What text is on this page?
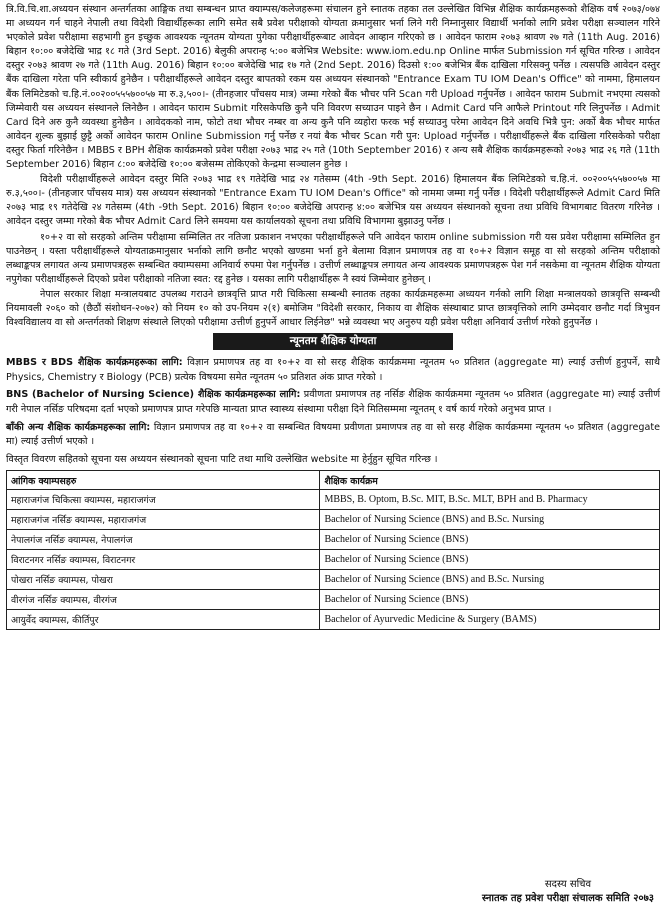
त्रि.वि.चि.शा.अध्ययन संस्थान अन्तर्गतका आङ्गिक तथा सम्बन्धन प्राप्त क्याम्पस/कलेजहरूमा संचालन हुने स्नातक तहका तल उल्लेखित विभिन्न शैक्षिक कार्यक्रमहरूको शैक्षिक वर्ष २०७३/०७४ मा अध्ययन गर्न चाहने नेपाली तथा विदेशी विद्यार्थीहरूका लागि समेत सबै प्रवेश परीक्षाको योग्यता क्रमानुसार भर्ना लिने गरी निम्नानुसार विद्यार्थी भर्नाको लागि प्रवेश परीक्षा सञ्चालन गरिने भएकोले प्रवेश परीक्षामा सहभागी हुन इच्छुक आवश्यक न्यूनतम योग्यता पुगेका परीक्षार्थीहरूबाट आवेदन आव्हान गरिएको छ । आवेदन फाराम २०७३ श्रावण २७ गते (11th Aug. 2016) बिहान १०:०० बजेदेखि भाद्र १८ गते (3rd Sept. 2016) बेलुकी अपरान्ह ५:०० बजेभित्र Website: www.iom.edu.np Online मार्फत Submission गर्न सूचित गरिन्छ । आवेदन दस्तुर २०७३ श्रावण २७ गते (11th Aug. 2016) बिहान १०:०० बजेदेखि भाद्र १७ गते (2nd Sept. 2016) दिउसो १:०० बजेभित्र बैंक दाखिला गरिसक्नु पर्नेछ । त्यसपछि आवेदन दस्तुर बैंक दाखिला गरेता पनि स्वीकार्य हुनेछैन । परीक्षार्थीहरूले आवेदन दस्तुर बापतको रकम यस अध्ययन संस्थानको "Entrance Exam TU IOM Dean's Office" को नाममा, हिमालयन बैंक लिमिटेडको च.हि.नं.००२००५५५७००५७ मा रु.३,५००।- (तीनहजार पाँचसय मात्र) जम्मा गरेको बैंक भौचर पनि Scan गरी Upload गर्नुपर्नेछ । आवेदन फाराम Submit नभएमा त्यसको जिम्मेवारी यस अध्ययन संस्थानले लिनेछैन । आवेदन फाराम Submit गरिसकेपछि कुनै पनि विवरण सच्याउन पाइने छैन । Admit Card पनि आफैले Printout गरि लिनुपर्नेछ । Admit Card दिने अरु कुनै व्यवस्था हुनेछैन । आवेदकको नाम, फोटो तथा भौचर नम्बर वा अन्य कुनै पनि व्यहोरा फरक भई सच्याउनु परेमा आवेदन दिने अवधि भित्रै पुन: अर्को बैक भौचर मार्फत आवेदन शुल्क बुझाई छुट्टै अर्को आवेदन फाराम Online Submission गर्नु पर्नेछ र नयां बैक भौचर Scan गरी पुन: Upload गर्नुपर्नेछ । परीक्षार्थीहरूले बैंक दाखिला गरिसकेको परीक्षा दस्तुर फिर्ता गरिनेछैन । MBBS र BPH शैक्षिक कार्यक्रमको प्रवेश परीक्षा २०७३ भाद्र २५ गते (10th September 2016) र अन्य सबै शैक्षिक कार्यक्रमहरूको २०७३ भाद्र २६ गते (11th September 2016) बिहान ८:०० बजेदेखि १०:०० बजेसम्म तोकिएको केन्द्रमा सञ्चालन हुनेछ ।

विदेशी परीक्षार्थीहरूले आवेदन दस्तुर मिति २०७३ भाद्र १९ गतेदेखि भाद्र २४ गतेसम्म (4th -9th Sept. 2016) हिमालयन बैंक लिमिटेडको च.हि.नं. ००२००५५५७००५७ मा रु.३,५००।- (तीनहजार पाँचसय मात्र) यस अध्ययन संस्थानको "Entrance Exam TU IOM Dean's Office" को नाममा जम्मा गर्नु पर्नेछ । विदेशी परीक्षार्थीहरूले Admit Card मिति २०७३ भाद्र १९ गतेदेखि २४ गतेसम्म (4th -9th Sept. 2016) बिहान १०:०० बजेदेखि अपरान्ह ४:०० बजेभित्र यस अध्ययन संस्थानको सूचना तथा प्रविधि विभागबाट वितरण गरिनेछ । आवेदन दस्तुर जम्मा गरेको बैक भौचर Admit Card लिने समयमा यस कार्यालयको सूचना तथा प्रविधि विभागमा बुझाउनु पर्नेछ ।

१०+२ वा सो सरहको अन्तिम परीक्षामा सम्मिलित तर नतिजा प्रकाशन नभएका परीक्षार्थीहरूले पनि आवेदन फाराम online submission गरी यस प्रवेश परीक्षामा सम्मिलित हुन पाउनेछन् । यस्ता परीक्षार्थीहरूले योग्यताक्रमानुसार भर्नाको लागि छनौट भएको खण्डमा भर्ना हुने बेलामा विज्ञान प्रमाणपत्र तह वा १०+२ विज्ञान समूह वा सो सरहको अन्तिम परीक्षाको लब्धाङ्कपत्र लगायत अन्य प्रमाणपत्रहरू सम्बन्धित क्याम्पसमा अनिवार्य रुपमा पेश गर्नुपर्नेछ । उत्तीर्ण लब्धाङ्कपत्र लगायत अन्य आवश्यक प्रमाणपत्रहरू पेश गर्न नसकेमा वा न्यूनतम शैक्षिक योग्यता नपुगेका परीक्षार्थीहरूले दिएको प्रवेश परीक्षाको नतिजा स्वत: रद्द हुनेछ । यसका लागि परीक्षार्थीहरू नै स्वयं जिम्मेवार हुनेछन् ।

नेपाल सरकार शिक्षा मन्त्रालयबाट उपलब्ध गराउने छात्रवृत्ति प्राप्त गरी चिकित्सा सम्बन्धी स्नातक तहका कार्यक्रमहरूमा अध्ययन गर्नको लागि शिक्षा मन्त्रालयको छात्रवृत्ति सम्बन्धी नियमावली २०६० को (छैठौं संशोधन-२०७२) को नियम १० को उप-नियम २(१) बमोजिम "विदेशी सरकार, निकाय वा शैक्षिक संस्थाबाट प्राप्त छात्रवृत्तिको लागि उम्मेदवार छनौट गर्दा त्रिभुवन विश्वविद्यालय वा सो अन्तर्गतको शिक्षण संस्थाले लिएको परीक्षामा उत्तीर्ण हुनुपर्ने आधार लिईनेछ" भन्ने व्यवस्था भए अनुरुप यही प्रवेश परीक्षा अनिवार्य उत्तीर्ण गरेको हुनुपर्नेछ ।

न्यूनतम शैक्षिक योग्यता

MBBS र BDS शैक्षिक कार्यक्रमहरूका लागि: विज्ञान प्रमाणपत्र तह वा १०+२ वा सो सरह शैक्षिक कार्यक्रममा न्यूनतम ५० प्रतिशत (aggregate मा) ल्याई उत्तीर्ण हुनुपर्ने, साथै Physics, Chemistry र Biology (PCB) प्रत्येक विषयमा समेत न्यूनतम ५० प्रतिशत अंक प्राप्त गरेको ।

BNS (Bachelor of Nursing Science) शैक्षिक कार्यक्रमहरूका लागि: प्रवीणता प्रमाणपत्र तह नर्सिङ शैक्षिक कार्यक्रममा न्यूनतम ५० प्रतिशत (aggregate मा) ल्याई उत्तीर्ण गरी नेपाल नर्सिङ परिषदमा दर्ता भएको प्रमाणपत्र प्राप्त गरेपछि मान्यता प्राप्त स्वास्थ्य संस्थामा परीक्षा दिने मितिसम्ममा न्यूनतम् १ वर्ष कार्य गरेको अनुभव प्राप्त ।

बाँकी अन्य शैक्षिक कार्यक्रमहरूका लागि: विज्ञान प्रमाणपत्र तह वा १०+२ वा सम्बन्धित विषयमा प्रवीणता प्रमाणपत्र तह वा सो सरह शैक्षिक कार्यक्रममा न्यूनतम ५० प्रतिशत (aggregate मा) ल्याई उत्तीर्ण भएको ।

विस्तृत विवरण सहितको सूचना यस अध्ययन संस्थानको सूचना पाटि तथा माथि उल्लेखित website मा हेर्नुहुन सूचित गरिन्छ ।

आंगिक क्याम्पसहरु	शैक्षिक कार्यक्रम
महाराजगंज चिकित्सा क्याम्पस, महाराजगंज	MBBS, B. Optom, B.Sc. MIT, B.Sc. MLT, BPH and B. Pharmacy
महाराजगंज नर्सिङ क्याम्पस, महाराजगंज	Bachelor of Nursing Science (BNS) and B.Sc. Nursing
नेपालगंज नर्सिङ क्याम्पस, नेपालगंज	Bachelor of Nursing Science (BNS)
विराटनगर नर्सिङ क्याम्पस, विराटनगर	Bachelor of Nursing Science (BNS)
पोखरा नर्सिङ क्याम्पस, पोखरा	Bachelor of Nursing Science (BNS) and B.Sc. Nursing
वीरगंज नर्सिङ क्याम्पस, वीरगंज	Bachelor of Nursing Science (BNS)
आयुर्वेद क्याम्पस, कीर्तिपुर	Bachelor of Ayurvedic Medicine & Surgery (BAMS)
सदस्य सचिव
स्नातक तह प्रवेश परीक्षा संचालक समिति २०७३
